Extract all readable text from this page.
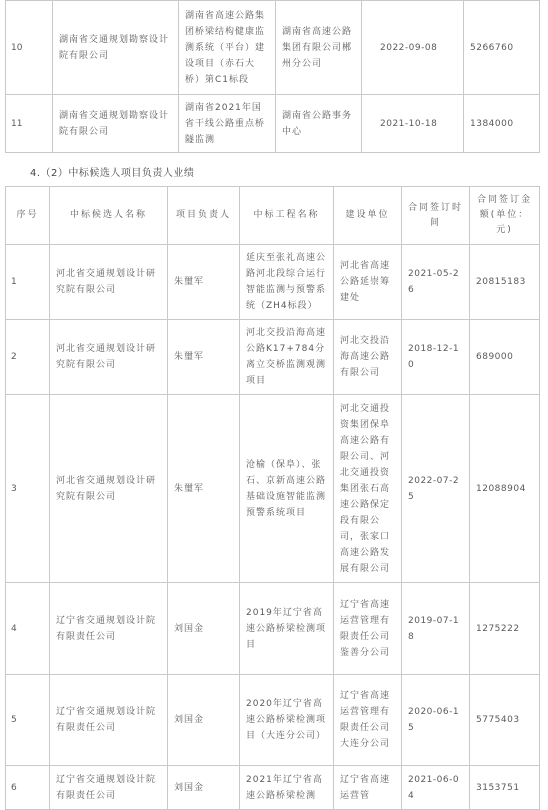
10	湖南省交通规划勘察设计院有限公司	湖南省高速公路集团桥梁结构健康监测系统（平台）建设项目（赤石大桥）第C1标段	湖南省高速公路集团有限公司郴州分公司	2022-09-08	5266760
11	湖南省交通规划勘察设计院有限公司	湖南省2021年国省干线公路重点桥隧监测	湖南省公路事务中心	2021-10-18	1384000
4.（2）中标候选人项目负责人业绩
序号	中标候选人名称	项目负责人	中标工程名称	建设单位	合同签订时间	合同签订金额(单位：元)
1	河北省交通规划设计研究院有限公司	朱璽军	延庆至张礼高速公路河北段综合运行智能监测与预警系统（ZH4标段）	河北省高速公路延崇筹建处	2021-05-26	20815183
2	河北省交通规划设计研究院有限公司	朱璽军	河北交投沿海高速公路K17+784分离立交桥监测观测项目	河北交投沿海高速公路有限公司	2018-12-10	689000
3	河北省交通规划设计研究院有限公司	朱璽军	沧榆（保阜）、张石、京新高速公路基础设施智能监测预警系统项目	河北交通投资集团保阜高速公路有限公司、河北交通投资集团张石高速公路保定段有限公司，张家口高速公路发展有限公司	2022-07-25	12088904
4	辽宁省交通规划设计院有限责任公司	刘国金	2019年辽宁省高速公路桥梁检测项目	辽宁省高速运营管理有限责任公司鉴善分公司	2019-07-18	1275222
5	辽宁省交通规划设计院有限责任公司	刘国金	2020年辽宁省高速公路桥梁检测项目（大连分公司）	辽宁省高速运营管理有限责任公司大连分公司	2020-06-15	5775403
6	辽宁省交通规划设计院有限责任公司	刘国金	2021年辽宁省高速公路桥梁检测	辽宁省高速运营管	2021-06-04	3153751
